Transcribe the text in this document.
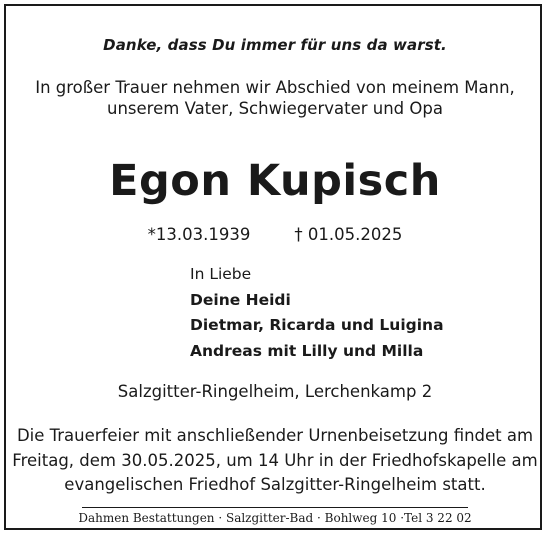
Danke, dass Du immer für uns da warst.
In großer Trauer nehmen wir Abschied von meinem Mann,
unserem Vater, Schwiegervater und Opa
Egon Kupisch
*13.03.1939	† 01.05.2025
In Liebe
Deine Heidi
Dietmar, Ricarda und Luigina
Andreas mit Lilly und Milla
Salzgitter-Ringelheim, Lerchenkamp 2
Die Trauerfeier mit anschließender Urnenbeisetzung findet am
Freitag, dem 30.05.2025, um 14 Uhr in der Friedhofskapelle am
evangelischen Friedhof Salzgitter-Ringelheim statt.
Dahmen Bestattungen · Salzgitter-Bad · Bohlweg 10 ·Tel 3 22 02
